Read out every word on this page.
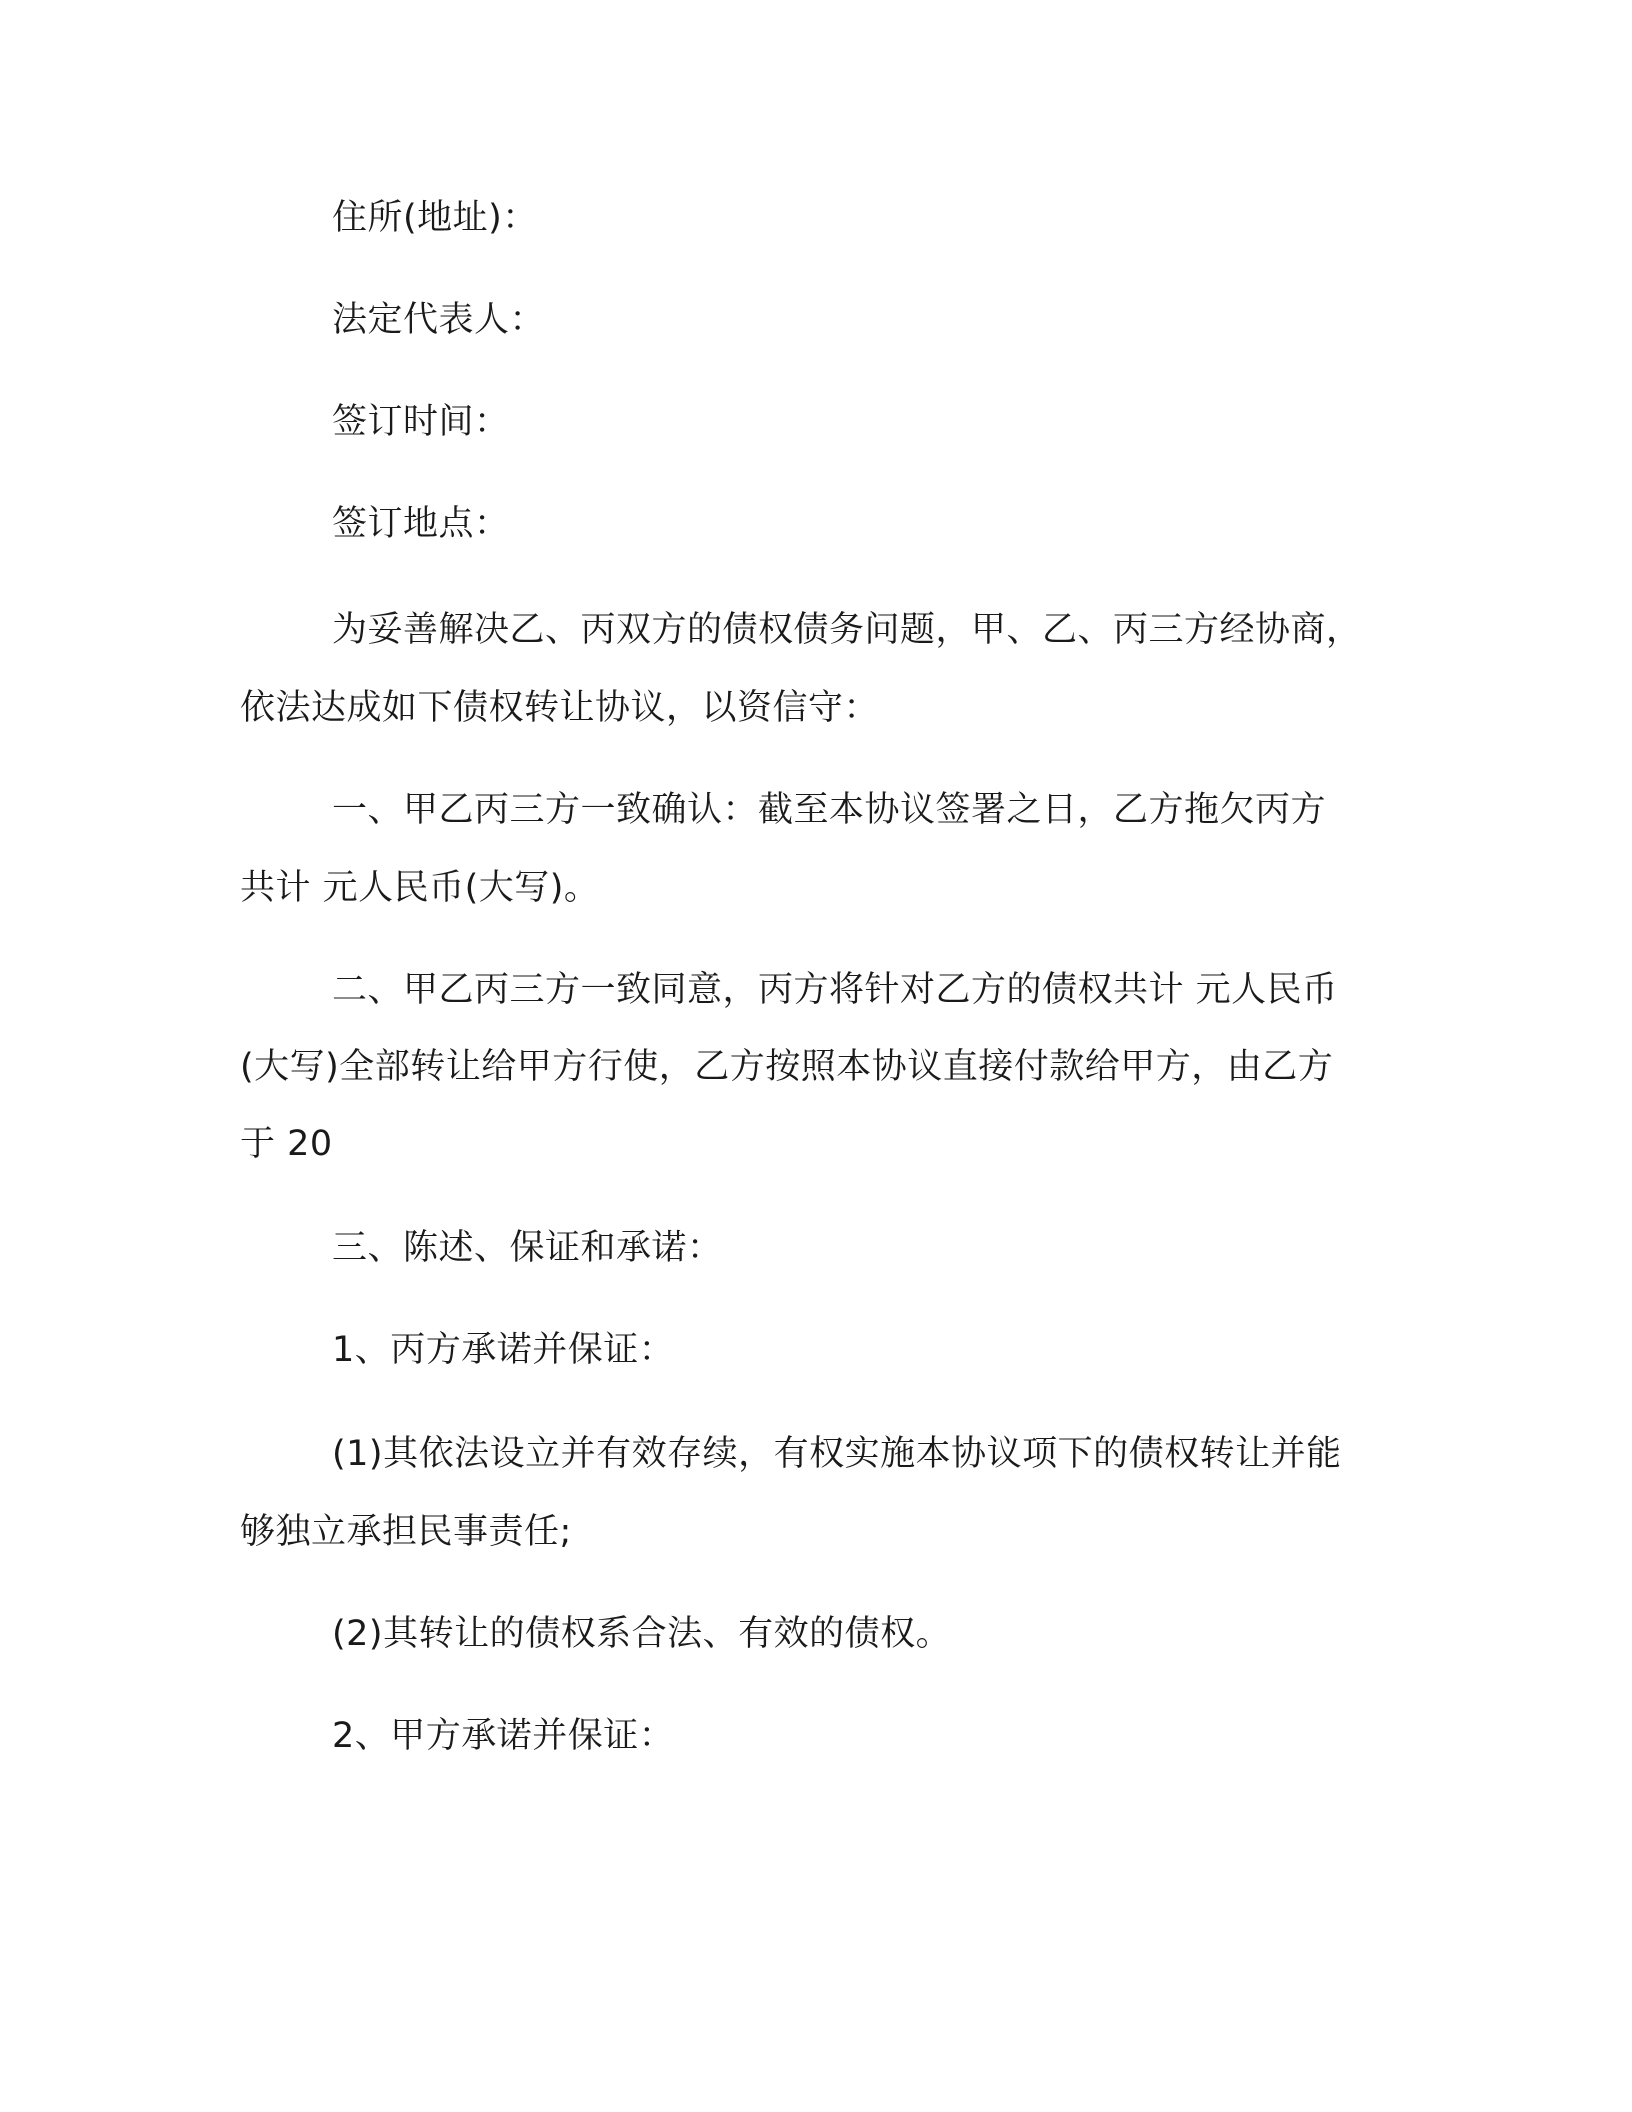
住所(地址)：

法定代表人：

签订时间：

签订地点：

为妥善解决乙、丙双方的债权债务问题，甲、乙、丙三方经协商，

依法达成如下债权转让协议，以资信守：

一、甲乙丙三方一致确认：截至本协议签署之日，乙方拖欠丙方

共计 元人民币(大写)。

二、甲乙丙三方一致同意，丙方将针对乙方的债权共计 元人民币

(大写)全部转让给甲方行使，乙方按照本协议直接付款给甲方，由乙方

于 20

三、陈述、保证和承诺：

1、丙方承诺并保证：

(1)其依法设立并有效存续，有权实施本协议项下的债权转让并能

够独立承担民事责任;

(2)其转让的债权系合法、有效的债权。

2、甲方承诺并保证：
